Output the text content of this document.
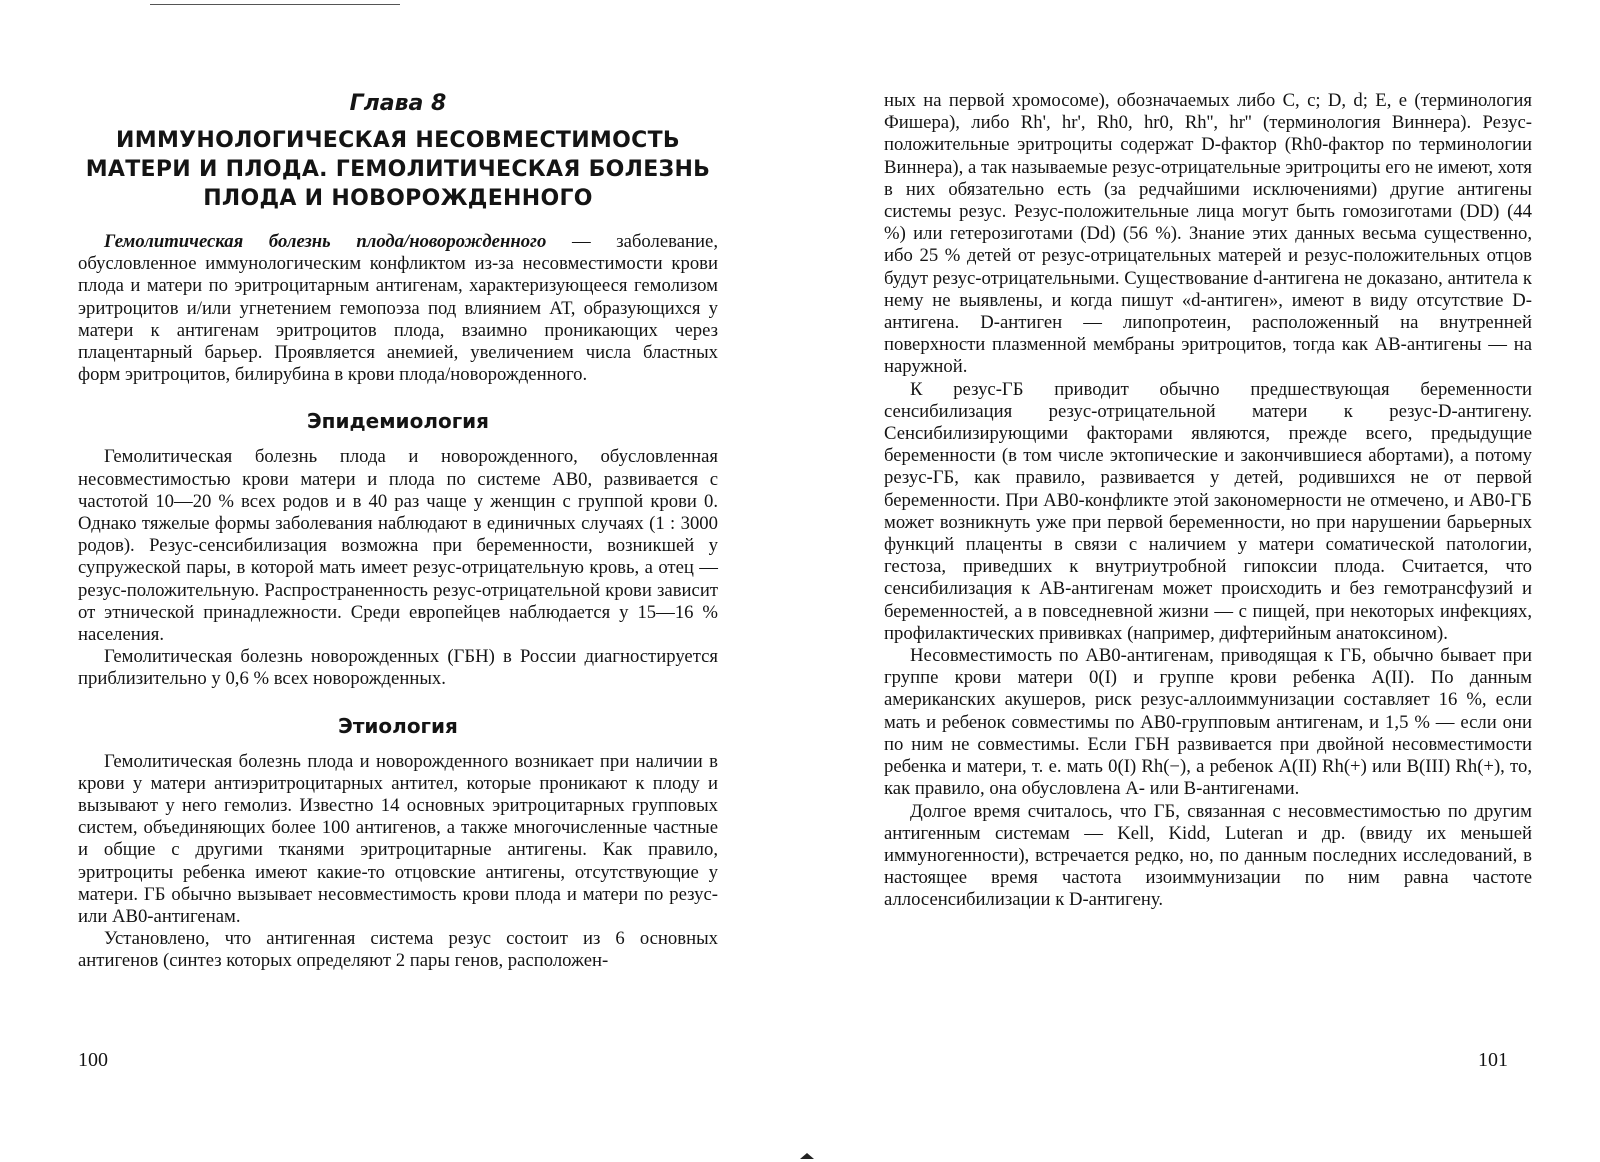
Глава 8
ИММУНОЛОГИЧЕСКАЯ НЕСОВМЕСТИМОСТЬ МАТЕРИ И ПЛОДА. ГЕМОЛИТИЧЕСКАЯ БОЛЕЗНЬ ПЛОДА И НОВОРОЖДЕННОГО

Гемолитическая болезнь плода/новорожденного — заболевание, обусловленное иммунологическим конфликтом из-за несовместимости крови плода и матери по эритроцитарным антигенам, характеризующееся гемолизом эритроцитов и/или угнетением гемопоэза под влиянием АТ, образующихся у матери к антигенам эритроцитов плода, взаимно проникающих через плацентарный барьер. Проявляется анемией, увеличением числа бластных форм эритроцитов, билирубина в крови плода/новорожденного.

Эпидемиология

Гемолитическая болезнь плода и новорожденного, обусловленная несовместимостью крови матери и плода по системе АВ0, развивается с частотой 10—20 % всех родов и в 40 раз чаще у женщин с группой крови 0. Однако тяжелые формы заболевания наблюдают в единичных случаях (1 : 3000 родов). Резус-сенсибилизация возможна при беременности, возникшей у супружеской пары, в которой мать имеет резус-отрицательную кровь, а отец — резус-положительную. Распространенность резус-отрицательной крови зависит от этнической принадлежности. Среди европейцев наблюдается у 15—16 % населения.

Гемолитическая болезнь новорожденных (ГБН) в России диагностируется приблизительно у 0,6 % всех новорожденных.

Этиология

Гемолитическая болезнь плода и новорожденного возникает при наличии в крови у матери антиэритроцитарных антител, которые проникают к плоду и вызывают у него гемолиз. Известно 14 основных эритроцитарных групповых систем, объединяющих более 100 антигенов, а также многочисленные частные и общие с другими тканями эритроцитарные антигены. Как правило, эритроциты ребенка имеют какие-то отцовские антигены, отсутствующие у матери. ГБ обычно вызывает несовместимость крови плода и матери по резус- или АВ0-антигенам.

Установлено, что антигенная система резус состоит из 6 основных антигенов (синтез которых определяют 2 пары генов, расположен-

100

ных на первой хромосоме), обозначаемых либо C, c; D, d; E, e (терминология Фишера), либо Rh', hr', Rh0, hr0, Rh'', hr'' (терминология Виннера). Резус-положительные эритроциты содержат D-фактор (Rh0-фактор по терминологии Виннера), а так называемые резус-отрицательные эритроциты его не имеют, хотя в них обязательно есть (за редчайшими исключениями) другие антигены системы резус. Резус-положительные лица могут быть гомозиготами (DD) (44 %) или гетерозиготами (Dd) (56 %). Знание этих данных весьма существенно, ибо 25 % детей от резус-отрицательных матерей и резус-положительных отцов будут резус-отрицательными. Существование d-антигена не доказано, антитела к нему не выявлены, и когда пишут «d-антиген», имеют в виду отсутствие D-антигена. D-антиген — липопротеин, расположенный на внутренней поверхности плазменной мембраны эритроцитов, тогда как АВ-антигены — на наружной.

К резус-ГБ приводит обычно предшествующая беременности сенсибилизация резус-отрицательной матери к резус-D-антигену. Сенсибилизирующими факторами являются, прежде всего, предыдущие беременности (в том числе эктопические и закончившиеся абортами), а потому резус-ГБ, как правило, развивается у детей, родившихся не от первой беременности. При АВ0-конфликте этой закономерности не отмечено, и АВ0-ГБ может возникнуть уже при первой беременности, но при нарушении барьерных функций плаценты в связи с наличием у матери соматической патологии, гестоза, приведших к внутриутробной гипоксии плода. Считается, что сенсибилизация к АВ-антигенам может происходить и без гемотрансфузий и беременностей, а в повседневной жизни — с пищей, при некоторых инфекциях, профилактических прививках (например, дифтерийным анатоксином).

Несовместимость по АВ0-антигенам, приводящая к ГБ, обычно бывает при группе крови матери 0(I) и группе крови ребенка A(II). По данным американских акушеров, риск резус-аллоиммунизации составляет 16 %, если мать и ребенок совместимы по АВ0-групповым антигенам, и 1,5 % — если они по ним не совместимы. Если ГБН развивается при двойной несовместимости ребенка и матери, т. е. мать 0(I) Rh(−), а ребенок A(II) Rh(+) или B(III) Rh(+), то, как правило, она обусловлена А- или В-антигенами.

Долгое время считалось, что ГБ, связанная с несовместимостью по другим антигенным системам — Kell, Kidd, Luteran и др. (ввиду их меньшей иммуногенности), встречается редко, но, по данным последних исследований, в настоящее время частота изоиммунизации по ним равна частоте аллосенсибилизации к D-антигену.

101
